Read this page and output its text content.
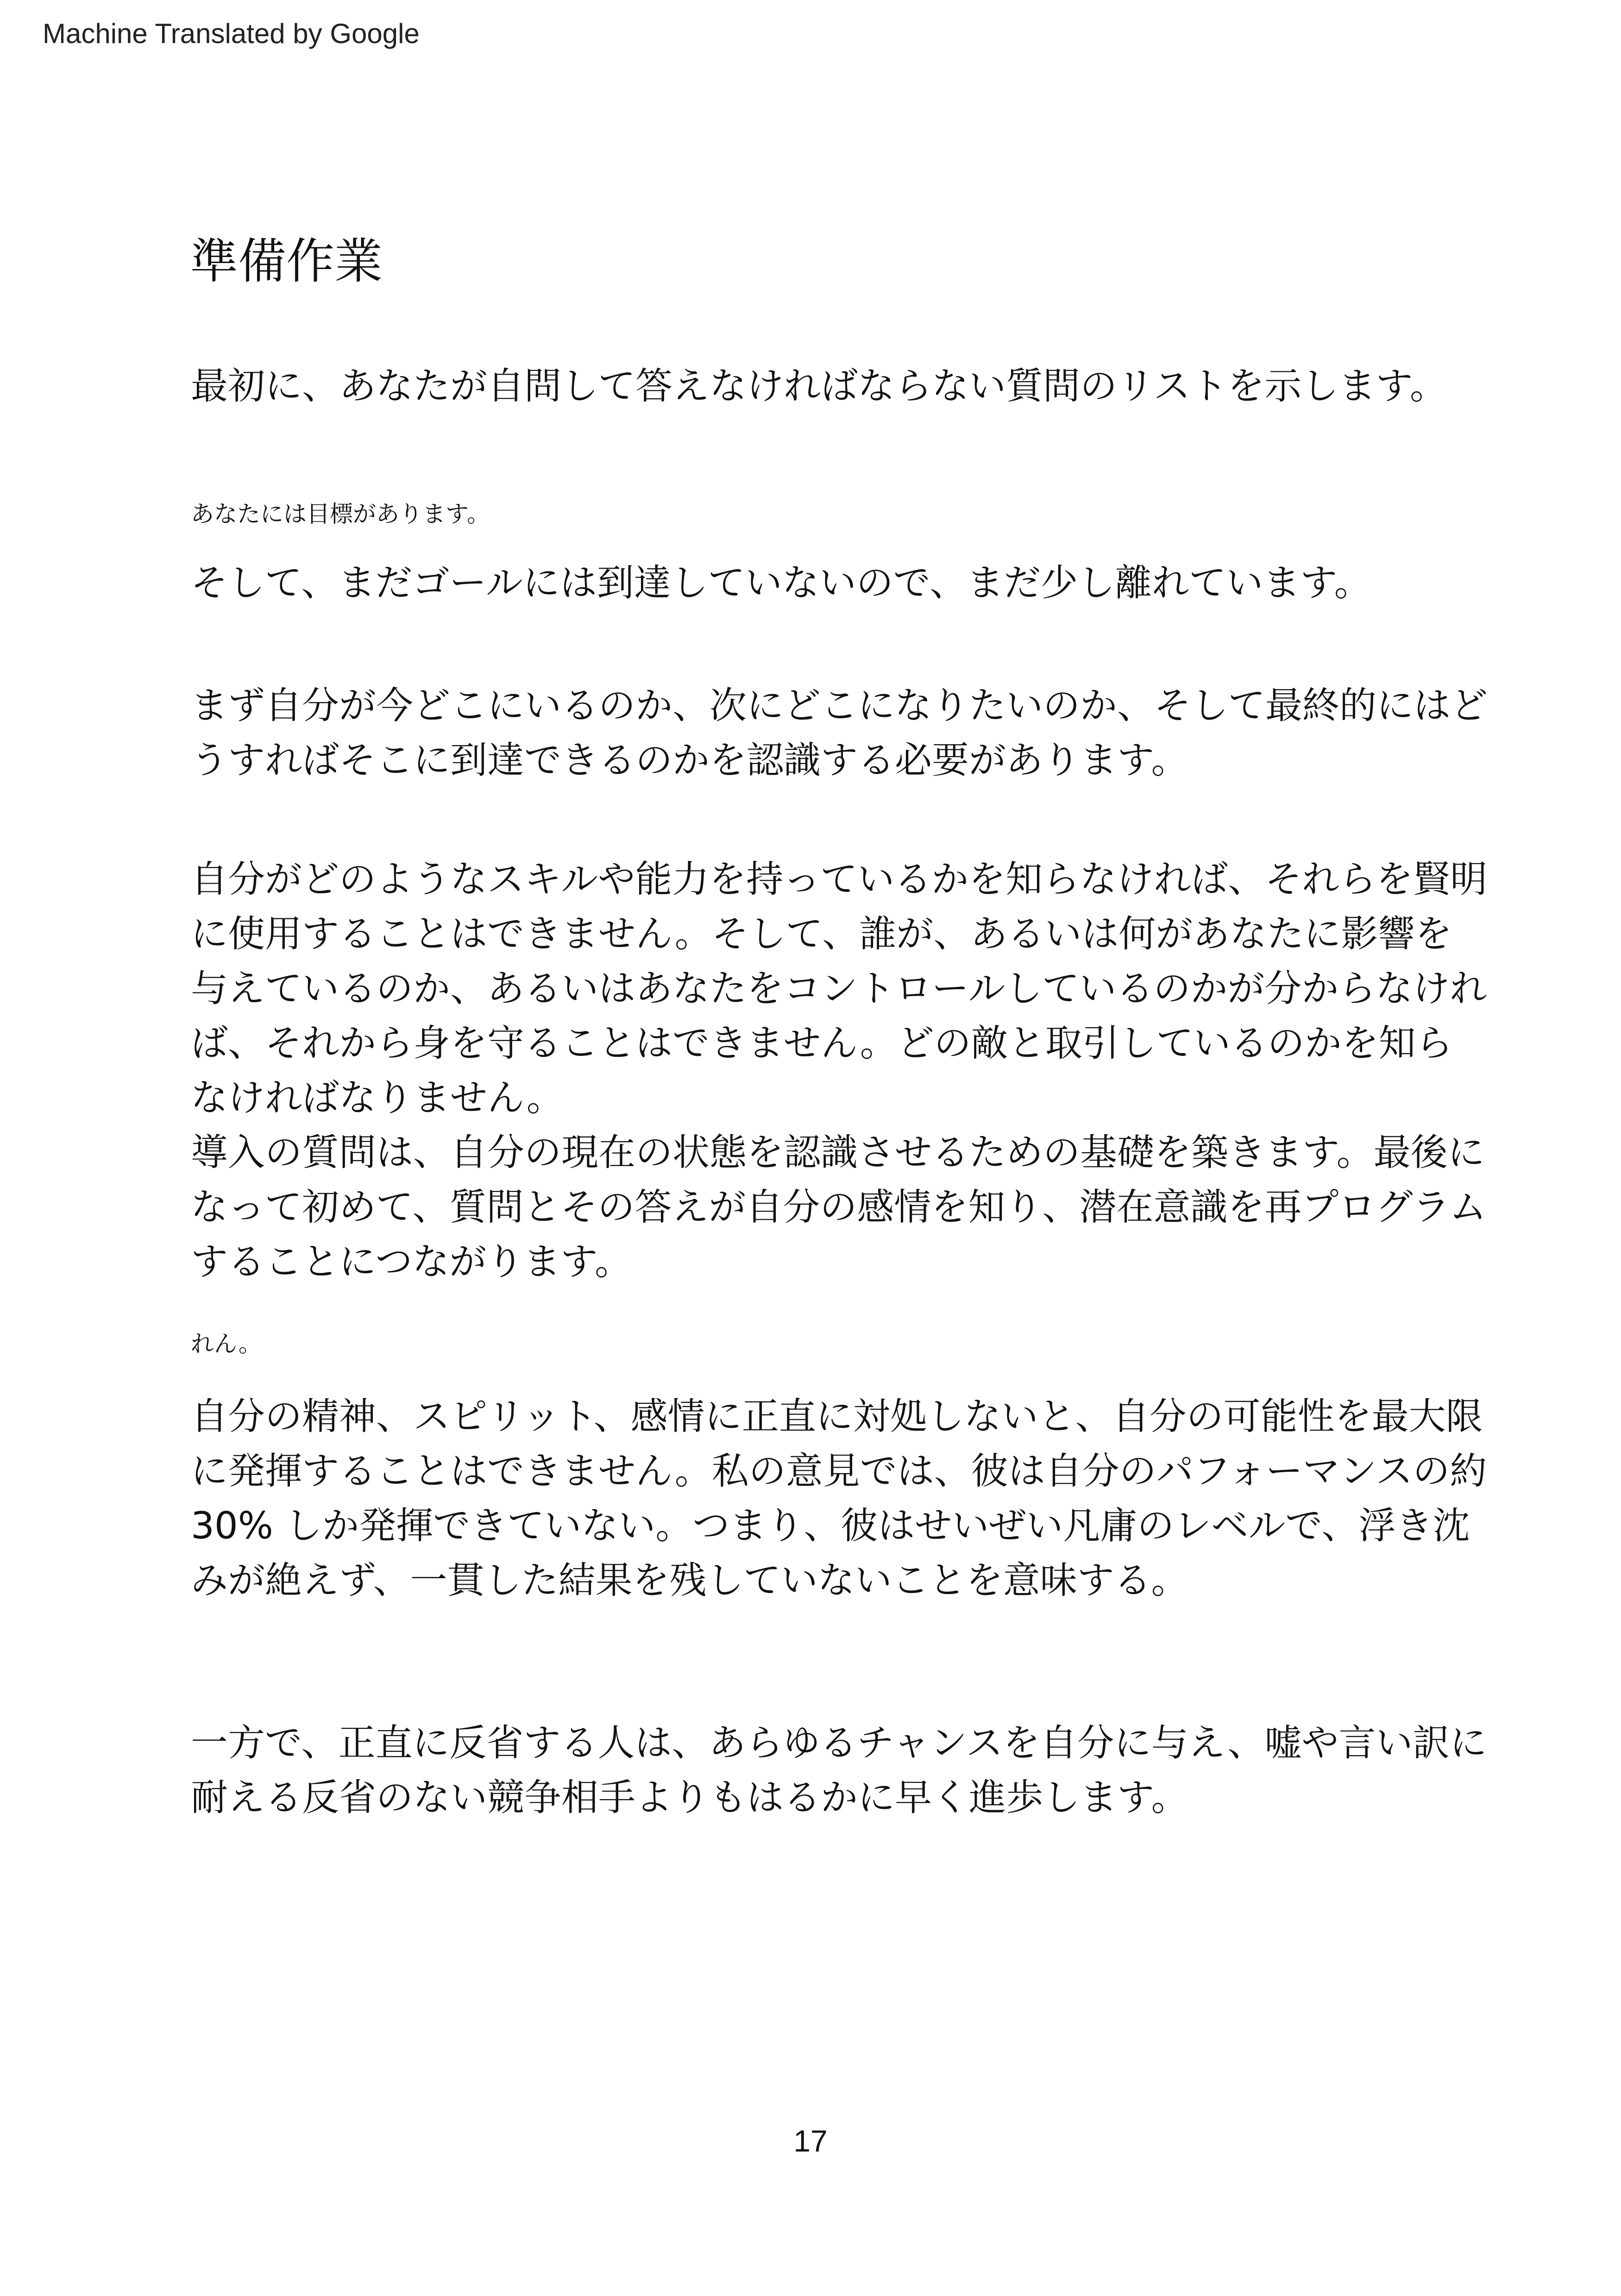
Machine Translated by Google
準備作業

最初に、あなたが自問して答えなければならない質問のリストを示します。

あなたには目標があります。

そして、まだゴールには到達していないので、まだ少し離れています。

まず自分が今どこにいるのか、次にどこになりたいのか、そして最終的にはどうすればそこに到達できるのかを認識する必要があります。

自分がどのようなスキルや能力を持っているかを知らなければ、それらを賢明に使用することはできません。そして、誰が、あるいは何があなたに影響を与えているのか、あるいはあなたをコントロールしているのかが分からなければ、それから身を守ることはできません。どの敵と取引しているのかを知らなければなりません。

導入の質問は、自分の現在の状態を認識させるための基礎を築きます。最後になって初めて、質問とその答えが自分の感情を知り、潜在意識を再プログラムすることにつながります。

れん。

自分の精神、スピリット、感情に正直に対処しないと、自分の可能性を最大限に発揮することはできません。私の意見では、彼は自分のパフォーマンスの約 30% しか発揮できていない。つまり、彼はせいぜい凡庸のレベルで、浮き沈みが絶えず、一貫した結果を残していないことを意味する。

一方で、正直に反省する人は、あらゆるチャンスを自分に与え、嘘や言い訳に耐える反省のない競争相手よりもはるかに早く進歩します。

17
